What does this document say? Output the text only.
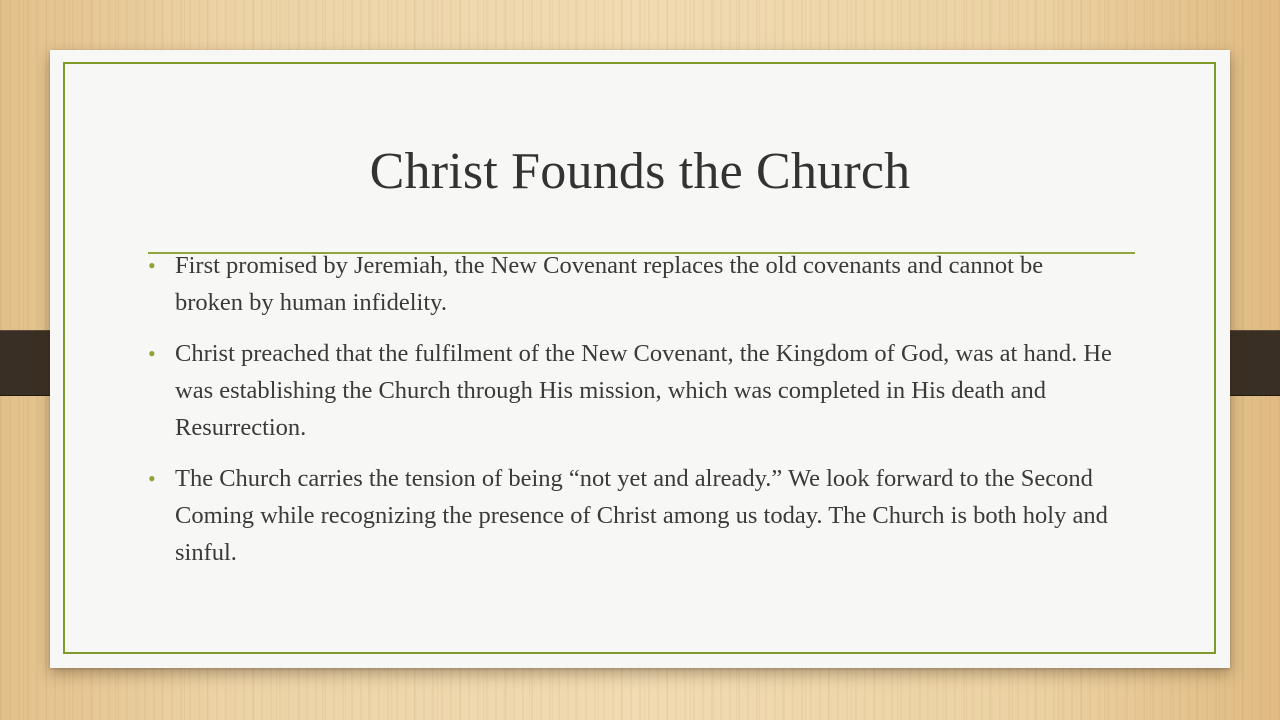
Christ Founds the Church
• First promised by Jeremiah, the New Covenant replaces the old covenants and cannot be broken by human infidelity.
• Christ preached that the fulfilment of the New Covenant, the Kingdom of God, was at hand. He was establishing the Church through His mission, which was completed in His death and Resurrection.
• The Church carries the tension of being “not yet and already.” We look forward to the Second Coming while recognizing the presence of Christ among us today. The Church is both holy and sinful.
